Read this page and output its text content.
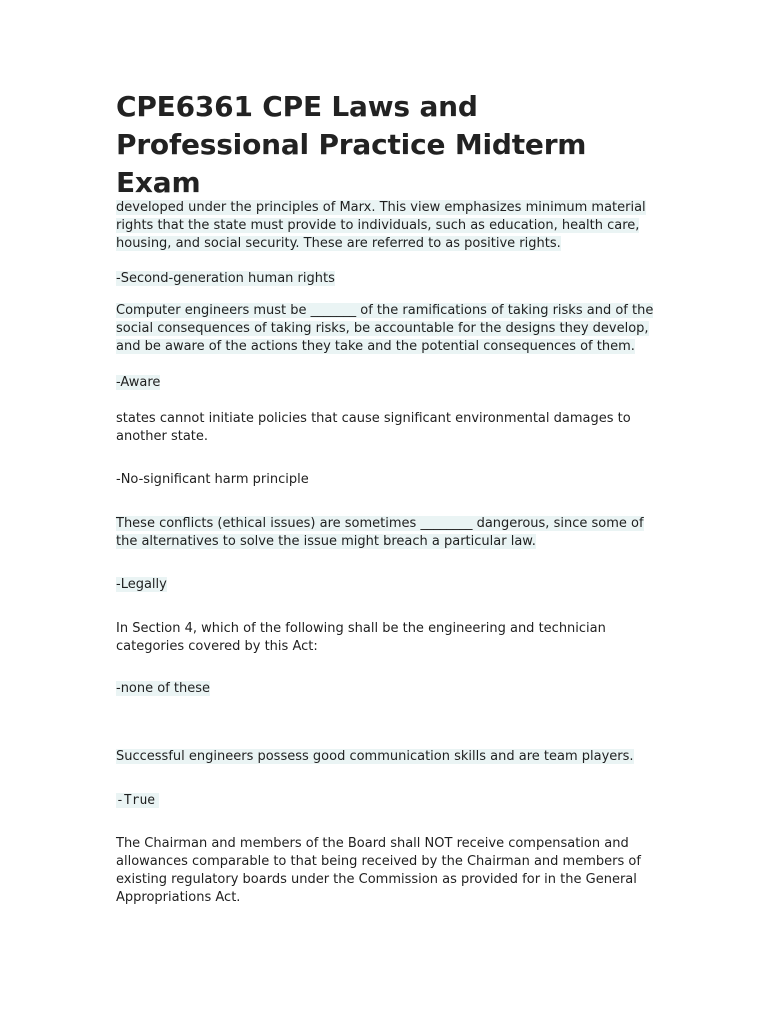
CPE6361 CPE Laws and Professional Practice Midterm Exam

developed under the principles of Marx. This view emphasizes minimum material rights that the state must provide to individuals, such as education, health care, housing, and social security. These are referred to as positive rights.

-Second-generation human rights

Computer engineers must be _______ of the ramifications of taking risks and of the social consequences of taking risks, be accountable for the designs they develop, and be aware of the actions they take and the potential consequences of them.

-Aware

states cannot initiate policies that cause significant environmental damages to another state.

-No-significant harm principle

These conflicts (ethical issues) are sometimes ________ dangerous, since some of the alternatives to solve the issue might breach a particular law.

-Legally

In Section 4, which of the following shall be the engineering and technician categories covered by this Act:

-none of these

Successful engineers possess good communication skills and are team players.

-True

The Chairman and members of the Board shall NOT receive compensation and allowances comparable to that being received by the Chairman and members of existing regulatory boards under the Commission as provided for in the General Appropriations Act.
